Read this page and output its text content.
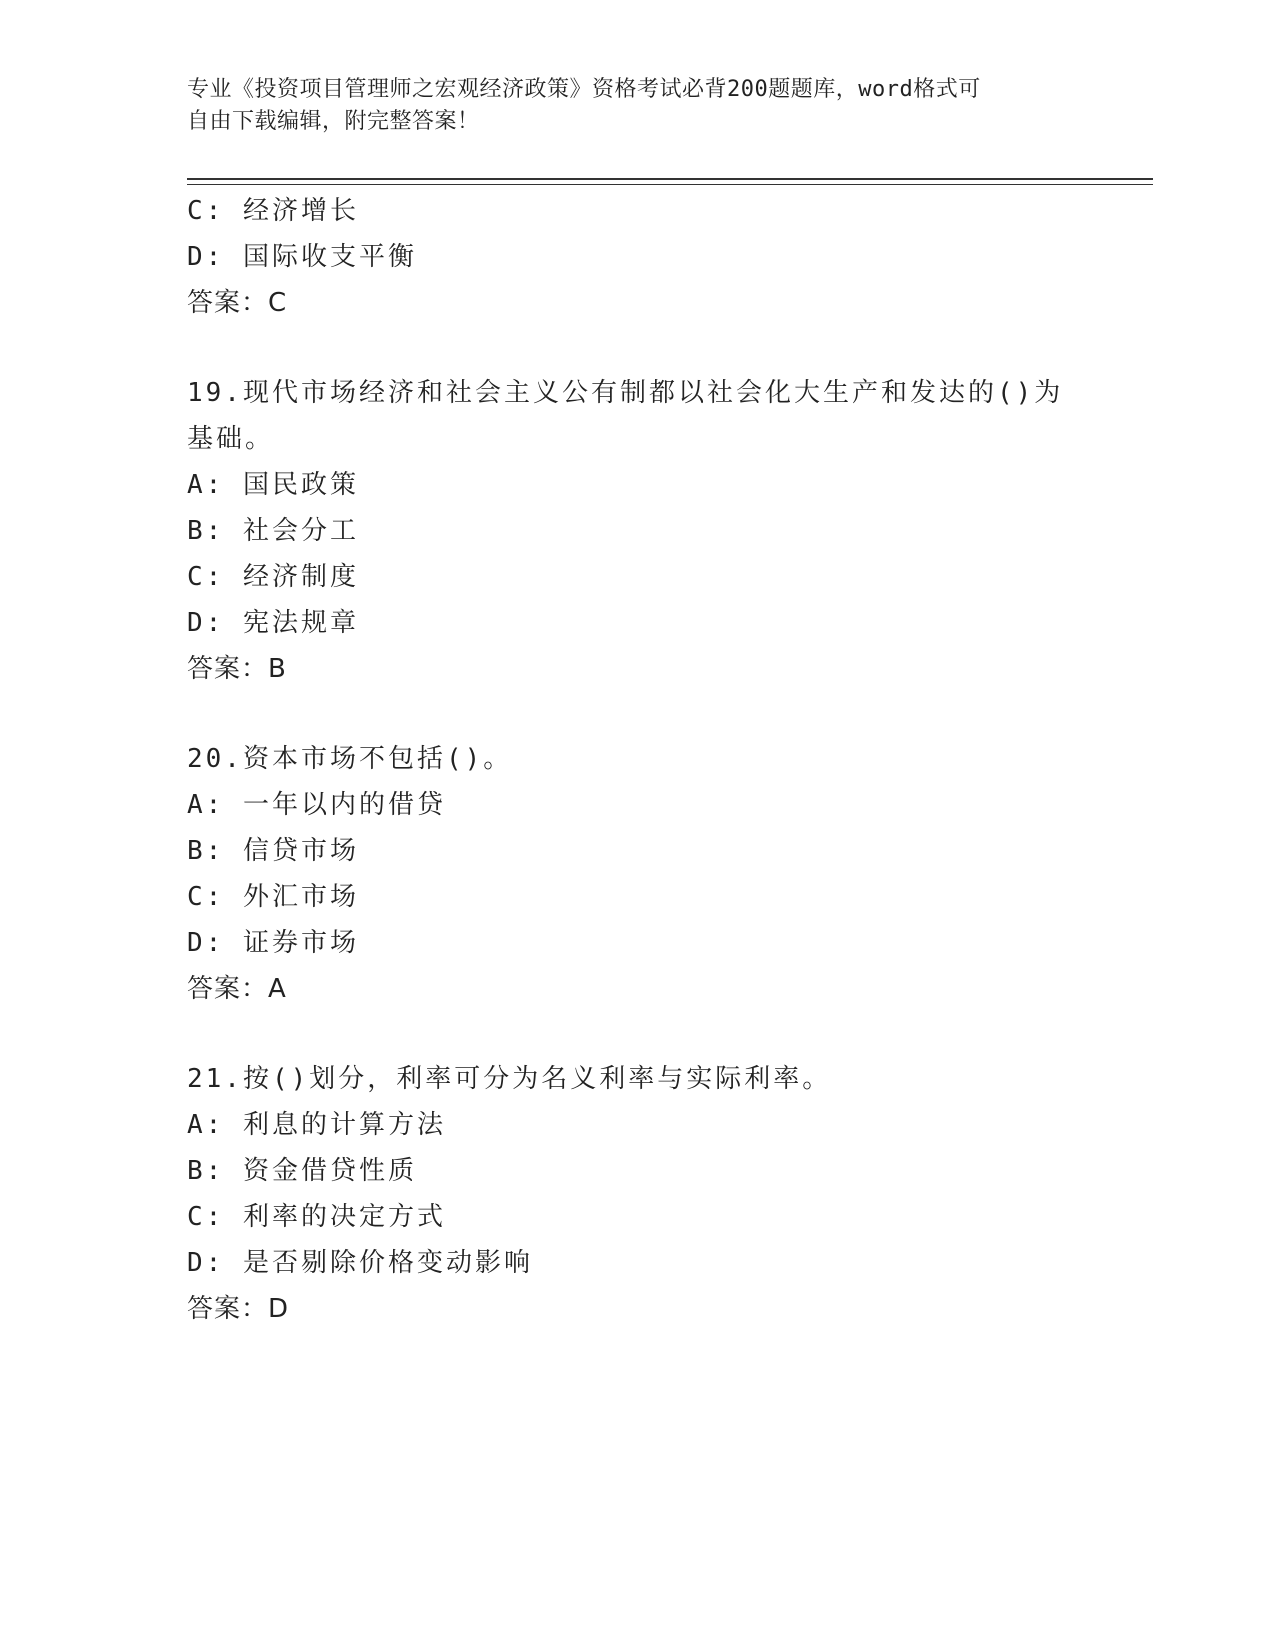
专业《投资项目管理师之宏观经济政策》资格考试必背200题题库，word格式可
自由下载编辑，附完整答案！
C: 经济增长
D: 国际收支平衡
答案：C
19.现代市场经济和社会主义公有制都以社会化大生产和发达的()为基础。
A: 国民政策
B: 社会分工
C: 经济制度
D: 宪法规章
答案：B
20.资本市场不包括()。
A: 一年以内的借贷
B: 信贷市场
C: 外汇市场
D: 证券市场
答案：A
21.按()划分，利率可分为名义利率与实际利率。
A: 利息的计算方法
B: 资金借贷性质
C: 利率的决定方式
D: 是否剔除价格变动影响
答案：D
